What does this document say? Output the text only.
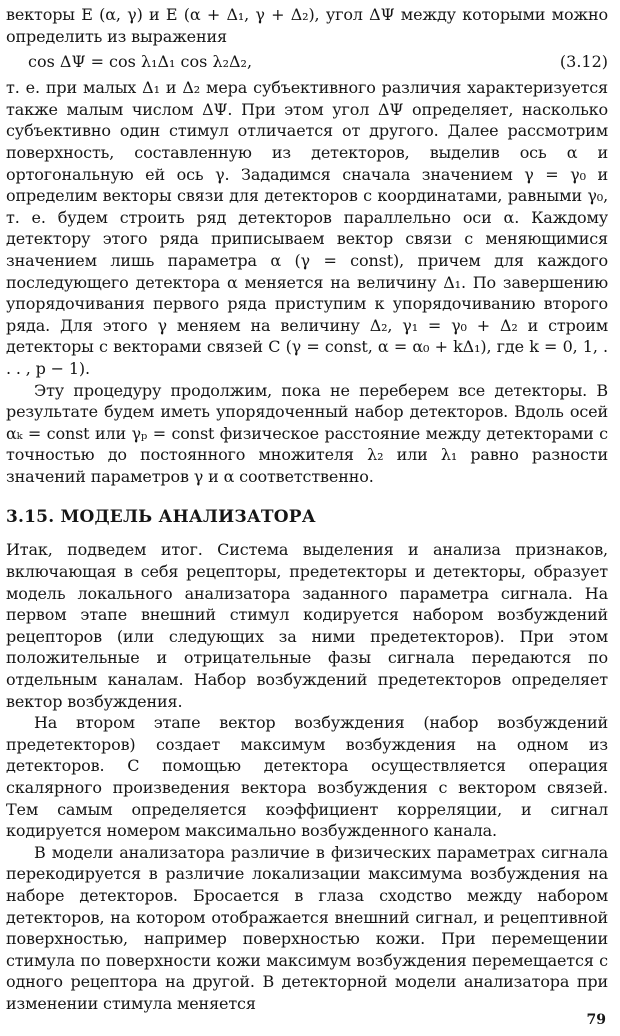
векторы E (α, γ) и E (α + Δ₁, γ + Δ₂), угол ΔΨ между которыми можно определить из выражения

cos ΔΨ = cos λ₁Δ₁ cos λ₂Δ₂,	(3.12)

т. е. при малых Δ₁ и Δ₂ мера субъективного различия характеризуется также малым числом ΔΨ. При этом угол ΔΨ определяет, насколько субъективно один стимул отличается от другого. Далее рассмотрим поверхность, составленную из детекторов, выделив ось α и ортогональную ей ось γ. Зададимся сначала значением γ = γ₀ и определим векторы связи для детекторов с координатами, равными γ₀, т. е. будем строить ряд детекторов параллельно оси α. Каждому детектору этого ряда приписываем вектор связи с меняющимися значением лишь параметра α (γ = const), причем для каждого последующего детектора α меняется на величину Δ₁. По завершению упорядочивания первого ряда приступим к упорядочиванию второго ряда. Для этого γ меняем на величину Δ₂, γ₁ = γ₀ + Δ₂ и строим детекторы с векторами связей C (γ = const, α = α₀ + kΔ₁), где k = 0, 1, . . . , p − 1).

Эту процедуру продолжим, пока не переберем все детекторы. В результате будем иметь упорядоченный набор детекторов. Вдоль осей αₖ = const или γₚ = const физическое расстояние между детекторами с точностью до постоянного множителя λ₂ или λ₁ равно разности значений параметров γ и α соответственно.

3.15. МОДЕЛЬ АНАЛИЗАТОРА

Итак, подведем итог. Система выделения и анализа признаков, включающая в себя рецепторы, предетекторы и детекторы, образует модель локального анализатора заданного параметра сигнала. На первом этапе внешний стимул кодируется набором возбуждений рецепторов (или следующих за ними предетекторов). При этом положительные и отрицательные фазы сигнала передаются по отдельным каналам. Набор возбуждений предетекторов определяет вектор возбуждения.

На втором этапе вектор возбуждения (набор возбуждений предетекторов) создает максимум возбуждения на одном из детекторов. С помощью детектора осуществляется операция скалярного произведения вектора возбуждения с вектором связей. Тем самым определяется коэффициент корреляции, и сигнал кодируется номером максимально возбужденного канала.

В модели анализатора различие в физических параметрах сигнала перекодируется в различие локализации максимума возбуждения на наборе детекторов. Бросается в глаза сходство между набором детекторов, на котором отображается внешний сигнал, и рецептивной поверхностью, например поверхностью кожи. При перемещении стимула по поверхности кожи максимум возбуждения перемещается с одного рецептора на другой. В детекторной модели анализатора при изменении стимула меняется

79
